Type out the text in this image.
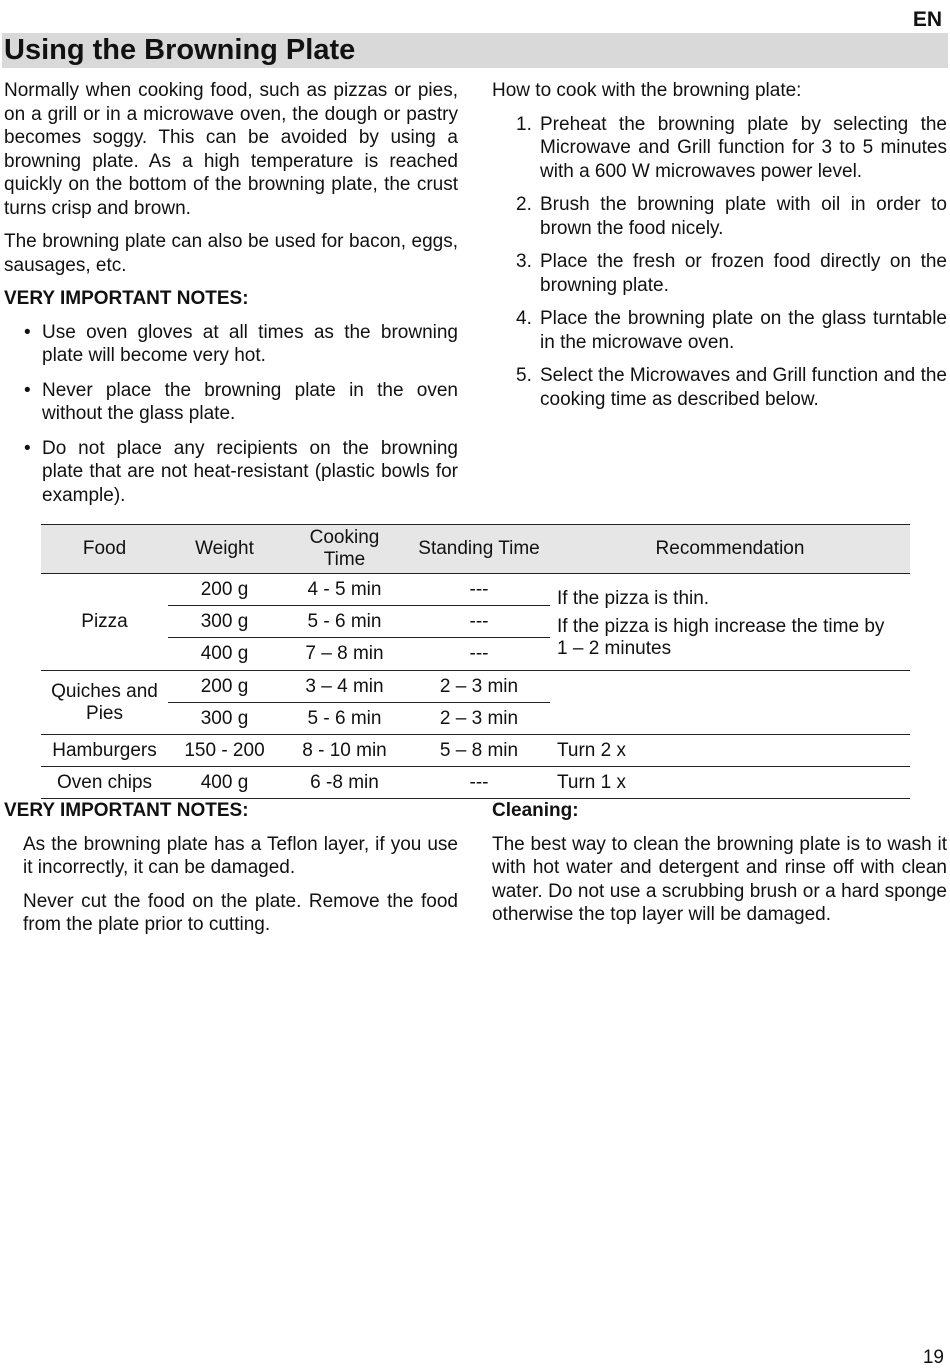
EN
Using the Browning Plate

Normally when cooking food, such as pizzas or pies, on a grill or in a microwave oven, the dough or pastry becomes soggy. This can be avoided by using a browning plate. As a high temperature is reached quickly on the bottom of the browning plate, the crust turns crisp and brown.

The browning plate can also be used for bacon, eggs, sausages, etc.

VERY IMPORTANT NOTES:

• Use oven gloves at all times as the browning plate will become very hot.
• Never place the browning plate in the oven without the glass plate.
• Do not place any recipients on the browning plate that are not heat-resistant (plastic bowls for example).

How to cook with the browning plate:

1. Preheat the browning plate by selecting the Microwave and Grill function for 3 to 5 minutes with a 600 W microwaves power level.
2. Brush the browning plate with oil in order to brown the food nicely.
3. Place the fresh or frozen food directly on the browning plate.
4. Place the browning plate on the glass turntable in the microwave oven.
5. Select the Microwaves and Grill function and the cooking time as described below.
Food	Weight	Cooking Time	Standing Time	Recommendation
Pizza	200 g	4 - 5 min	---	If the pizza is thin.
If the pizza is high increase the time by 1 – 2 minutes

	300 g	5 - 6 min	---	
	400 g	7 – 8 min	---	
Quiches and Pies	200 g	3 – 4 min	2 – 3 min	
	300 g	5 - 6 min	2 – 3 min	
Hamburgers	150 - 200	8 - 10 min	5 – 8 min	Turn 2 x
Oven chips	400 g	6 -8 min	---	Turn 1 x

VERY IMPORTANT NOTES:

As the browning plate has a Teflon layer, if you use it incorrectly, it can be damaged.

Never cut the food on the plate. Remove the food from the plate prior to cutting.

Cleaning:

The best way to clean the browning plate is to wash it with hot water and detergent and rinse off with clean water. Do not use a scrubbing brush or a hard sponge otherwise the top layer will be damaged.

19
